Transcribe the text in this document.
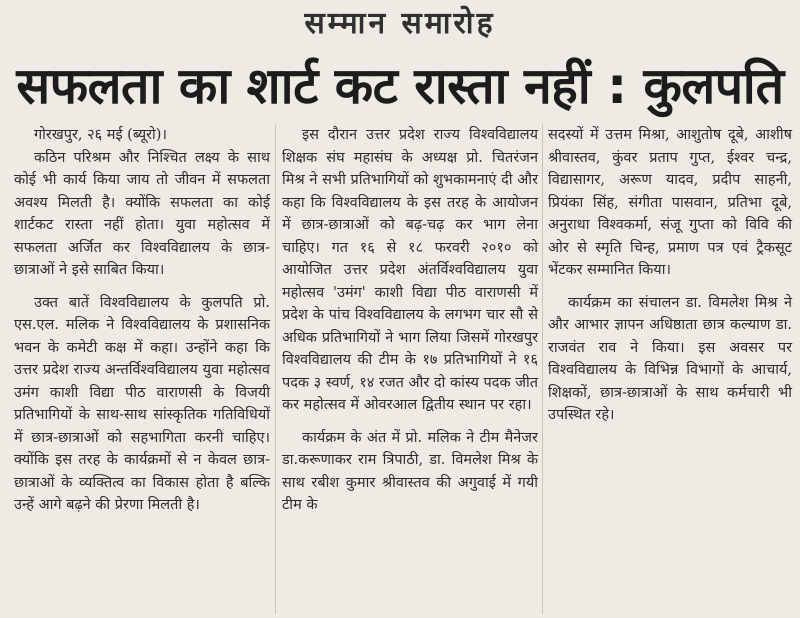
सम्मान समारोह
सफलता का शार्ट कट रास्ता नहीं : कुलपति

गोरखपुर, २६ मई (ब्यूरो)।

कठिन परिश्रम और निश्चित लक्ष्य के साथ कोई भी कार्य किया जाय तो जीवन में सफलता अवश्य मिलती है। क्योंकि सफलता का कोई शार्टकट रास्ता नहीं होता। युवा महोत्सव में सफलता अर्जित कर विश्वविद्यालय के छात्र-छात्राओं ने इसे साबित किया।

उक्त बातें विश्वविद्यालय के कुलपति प्रो. एस.एल. मलिक ने विश्वविद्यालय के प्रशासनिक भवन के कमेटी कक्ष में कहा। उन्होंने कहा कि उत्तर प्रदेश राज्य अन्तर्विश्वविद्यालय युवा महोत्सव उमंग काशी विद्या पीठ वाराणसी के विजयी प्रतिभागियों के साथ-साथ सांस्कृतिक गतिविधियों में छात्र-छात्राओं को सहभागिता करनी चाहिए। क्योंकि इस तरह के कार्यक्रमों से न केवल छात्र-छात्राओं के व्यक्तित्व का विकास होता है बल्कि उन्हें आगे बढ़ने की प्रेरणा मिलती है।

इस दौरान उत्तर प्रदेश राज्य विश्वविद्यालय शिक्षक संघ महासंघ के अध्यक्ष प्रो. चितरंजन मिश्र ने सभी प्रतिभागियों को शुभकामनाएं दी और कहा कि विश्वविद्यालय के इस तरह के आयोजन में छात्र-छात्राओं को बढ़-चढ़ कर भाग लेना चाहिए। गत १६ से १८ फरवरी २०१० को आयोजित उत्तर प्रदेश अंतर्विश्वविद्यालय युवा महोत्सव 'उमंग' काशी विद्या पीठ वाराणसी में प्रदेश के पांच विश्वविद्यालय के लगभग चार सौ से अधिक प्रतिभागियों ने भाग लिया जिसमें गोरखपुर विश्वविद्यालय की टीम के १७ प्रतिभागियों ने १६ पदक ३ स्वर्ण, १४ रजत और दो कांस्य पदक जीत कर महोत्सव में ओवरआल द्वितीय स्थान पर रहा।

कार्यक्रम के अंत में प्रो. मलिक ने टीम मैनेजर डा.करूणाकर राम त्रिपाठी, डा. विमलेश मिश्र के साथ रबीश कुमार श्रीवास्तव की अगुवाई में गयी टीम के

सदस्यों में उत्तम मिश्रा, आशुतोष दूबे, आशीष श्रीवास्तव, कुंवर प्रताप गुप्त, ईश्वर चन्द्र, विद्यासागर, अरूण यादव, प्रदीप साहनी, प्रियंका सिंह, संगीता पासवान, प्रतिभा दूबे, अनुराधा विश्वकर्मा, संजू गुप्ता को विवि की ओर से स्मृति चिन्ह, प्रमाण पत्र एवं ट्रैकसूट भेंटकर सम्मानित किया।

कार्यक्रम का संचालन डा. विमलेश मिश्र ने और आभार ज्ञापन अधिष्ठाता छात्र कल्याण डा. राजवंत राव ने किया। इस अवसर पर विश्वविद्यालय के विभिन्न विभागों के आचार्य, शिक्षकों, छात्र-छात्राओं के साथ कर्मचारी भी उपस्थित रहे।
